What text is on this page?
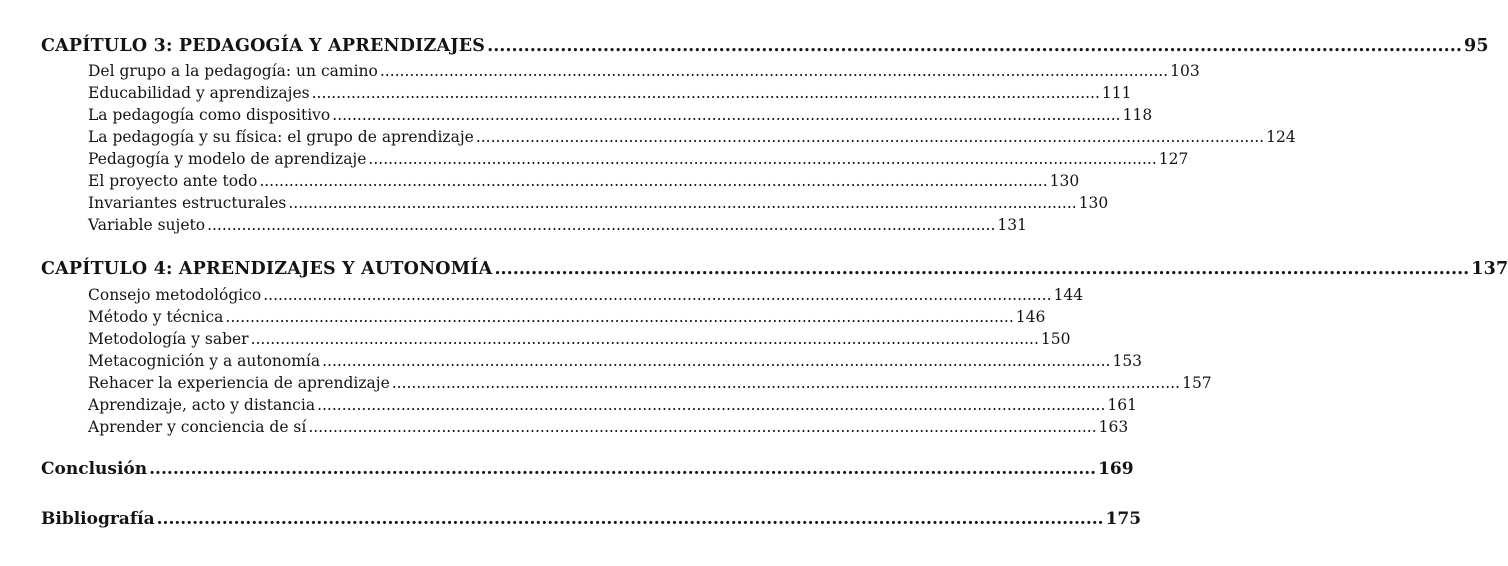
CAPÍTULO 3: PEDAGOGÍA Y APRENDIZAJES ................................................................................................................................................................ 95
Del grupo a la pedagogía: un camino ................................................................................................................................................................ 103
Educabilidad y aprendizajes ................................................................................................................................................................ 111
La pedagogía como dispositivo ................................................................................................................................................................ 118
La pedagogía y su física: el grupo de aprendizaje ................................................................................................................................................................ 124
Pedagogía y modelo de aprendizaje ................................................................................................................................................................ 127
El proyecto ante todo ................................................................................................................................................................ 130
Invariantes estructurales ................................................................................................................................................................ 130
Variable sujeto ................................................................................................................................................................ 131
CAPÍTULO 4: APRENDIZAJES Y AUTONOMÍA ................................................................................................................................................................ 137
Consejo metodológico ................................................................................................................................................................ 144
Método y técnica ................................................................................................................................................................ 146
Metodología y saber ................................................................................................................................................................ 150
Metacognición y a autonomía ................................................................................................................................................................ 153
Rehacer la experiencia de aprendizaje ................................................................................................................................................................ 157
Aprendizaje, acto y distancia ................................................................................................................................................................ 161
Aprender y conciencia de sí ................................................................................................................................................................ 163
Conclusión ................................................................................................................................................................ 169
Bibliografía ................................................................................................................................................................ 175
